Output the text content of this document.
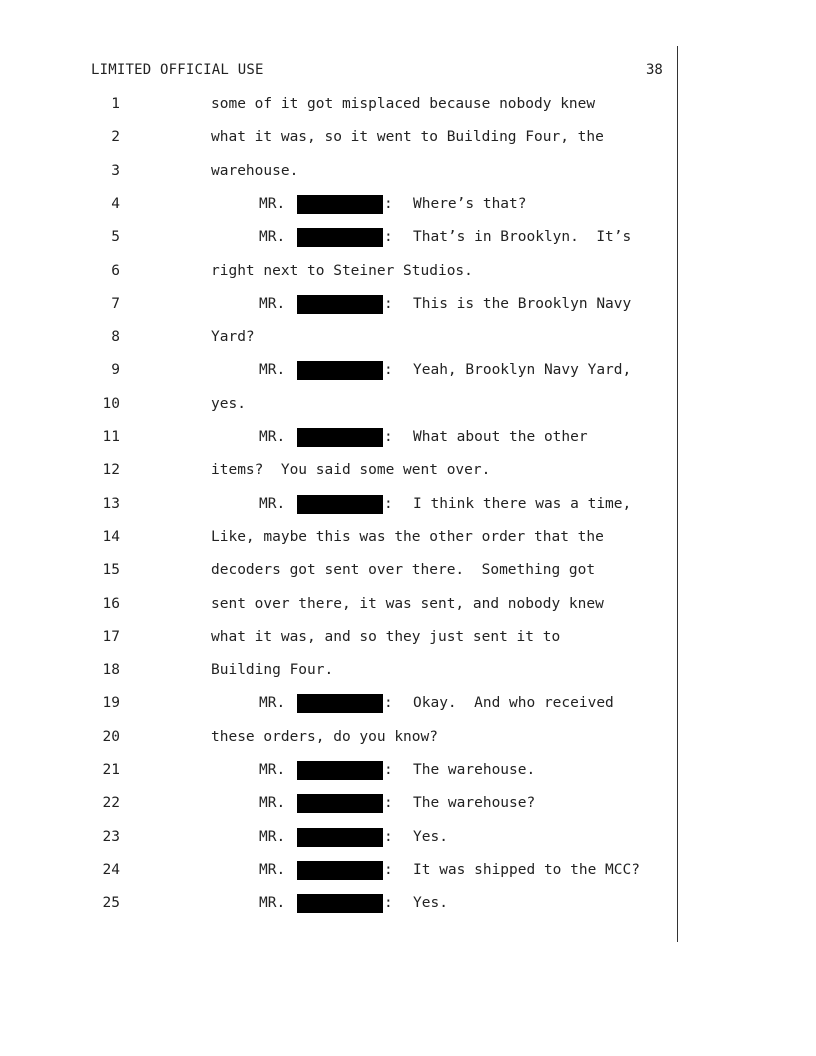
LIMITED OFFICIAL USE	38
1	some of it got misplaced because nobody knew
2	what it was, so it went to Building Four, the
3	warehouse.
4	MR.	: Where’s that?
5	MR.	: That’s in Brooklyn.  It’s
6	right next to Steiner Studios.
7	MR.	: This is the Brooklyn Navy
8	Yard?
9	MR.	: Yeah, Brooklyn Navy Yard,
10	yes.
11	MR.	: What about the other
12	items?  You said some went over.
13	MR.	: I think there was a time,
14	Like, maybe this was the other order that the
15	decoders got sent over there.  Something got
16	sent over there, it was sent, and nobody knew
17	what it was, and so they just sent it to
18	Building Four.
19	MR.	: Okay.  And who received
20	these orders, do you know?
21	MR.	: The warehouse.
22	MR.	: The warehouse?
23	MR.	: Yes.
24	MR.	: It was shipped to the MCC?
25	MR.	: Yes.
